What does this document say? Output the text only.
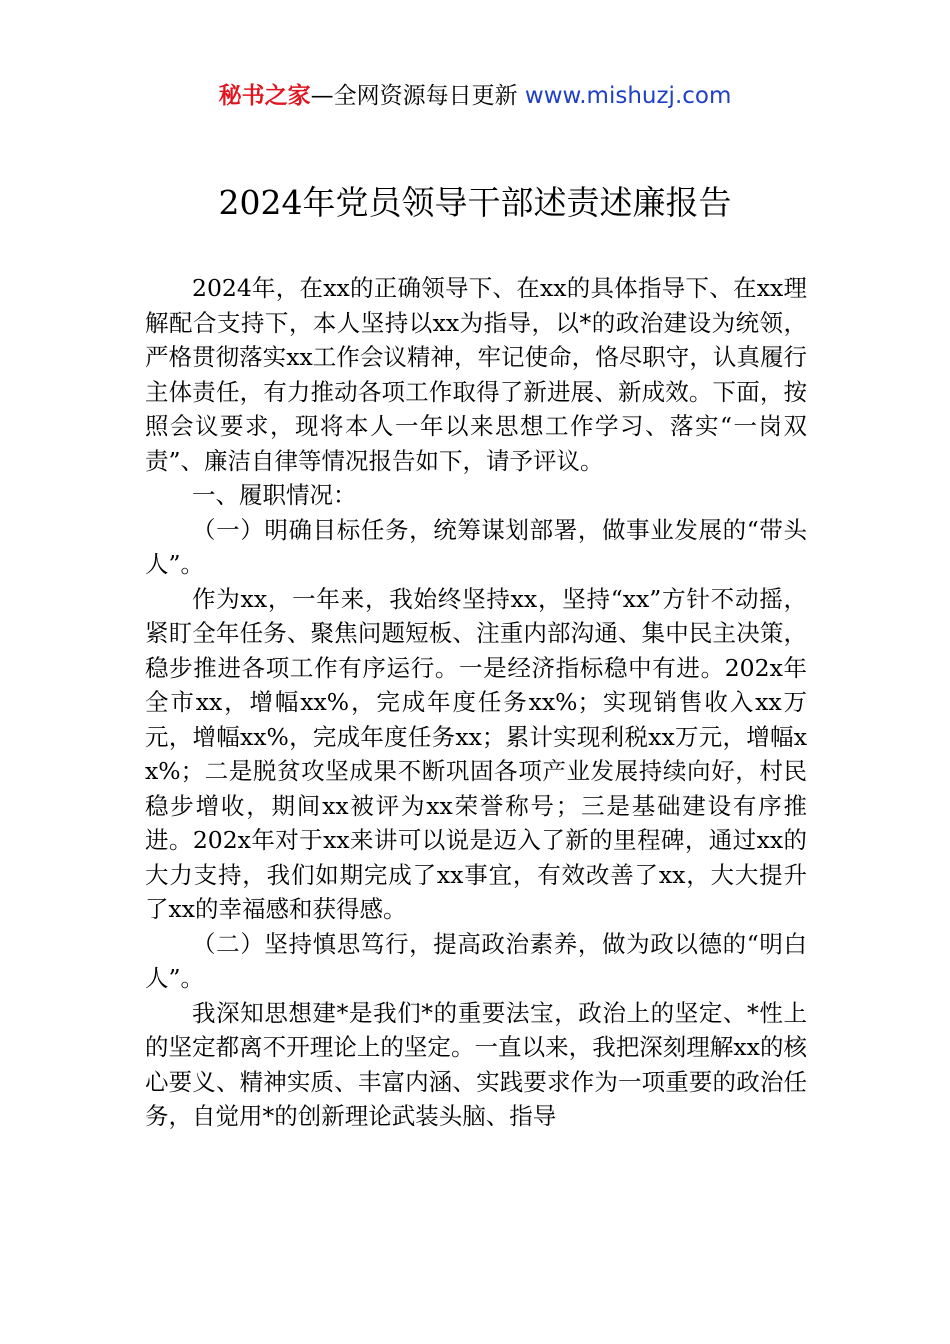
秘书之家—全网资源每日更新 www.mishuzj.com
2024年党员领导干部述责述廉报告

2024年，在xx的正确领导下、在xx的具体指导下、在xx理解配合支持下，本人坚持以xx为指导，以*的政治建设为统领，严格贯彻落实xx工作会议精神，牢记使命，恪尽职守，认真履行主体责任，有力推动各项工作取得了新进展、新成效。下面，按照会议要求，现将本人一年以来思想工作学习、落实“一岗双责”、廉洁自律等情况报告如下，请予评议。

一、履职情况：

（一）明确目标任务，统筹谋划部署，做事业发展的“带头人”。

作为xx，一年来，我始终坚持xx，坚持“xx”方针不动摇，紧盯全年任务、聚焦问题短板、注重内部沟通、集中民主决策，稳步推进各项工作有序运行。一是经济指标稳中有进。202x年全市xx，增幅xx%，完成年度任务xx%；实现销售收入xx万元，增幅xx%，完成年度任务xx；累计实现利税xx万元，增幅xx%；二是脱贫攻坚成果不断巩固各项产业发展持续向好，村民稳步增收，期间xx被评为xx荣誉称号；三是基础建设有序推进。202x年对于xx来讲可以说是迈入了新的里程碑，通过xx的大力支持，我们如期完成了xx事宜，有效改善了xx，大大提升了xx的幸福感和获得感。

（二）坚持慎思笃行，提高政治素养，做为政以德的“明白人”。

我深知思想建*是我们*的重要法宝，政治上的坚定、*性上的坚定都离不开理论上的坚定。一直以来，我把深刻理解xx的核心要义、精神实质、丰富内涵、实践要求作为一项重要的政治任务，自觉用*的创新理论武装头脑、指导
